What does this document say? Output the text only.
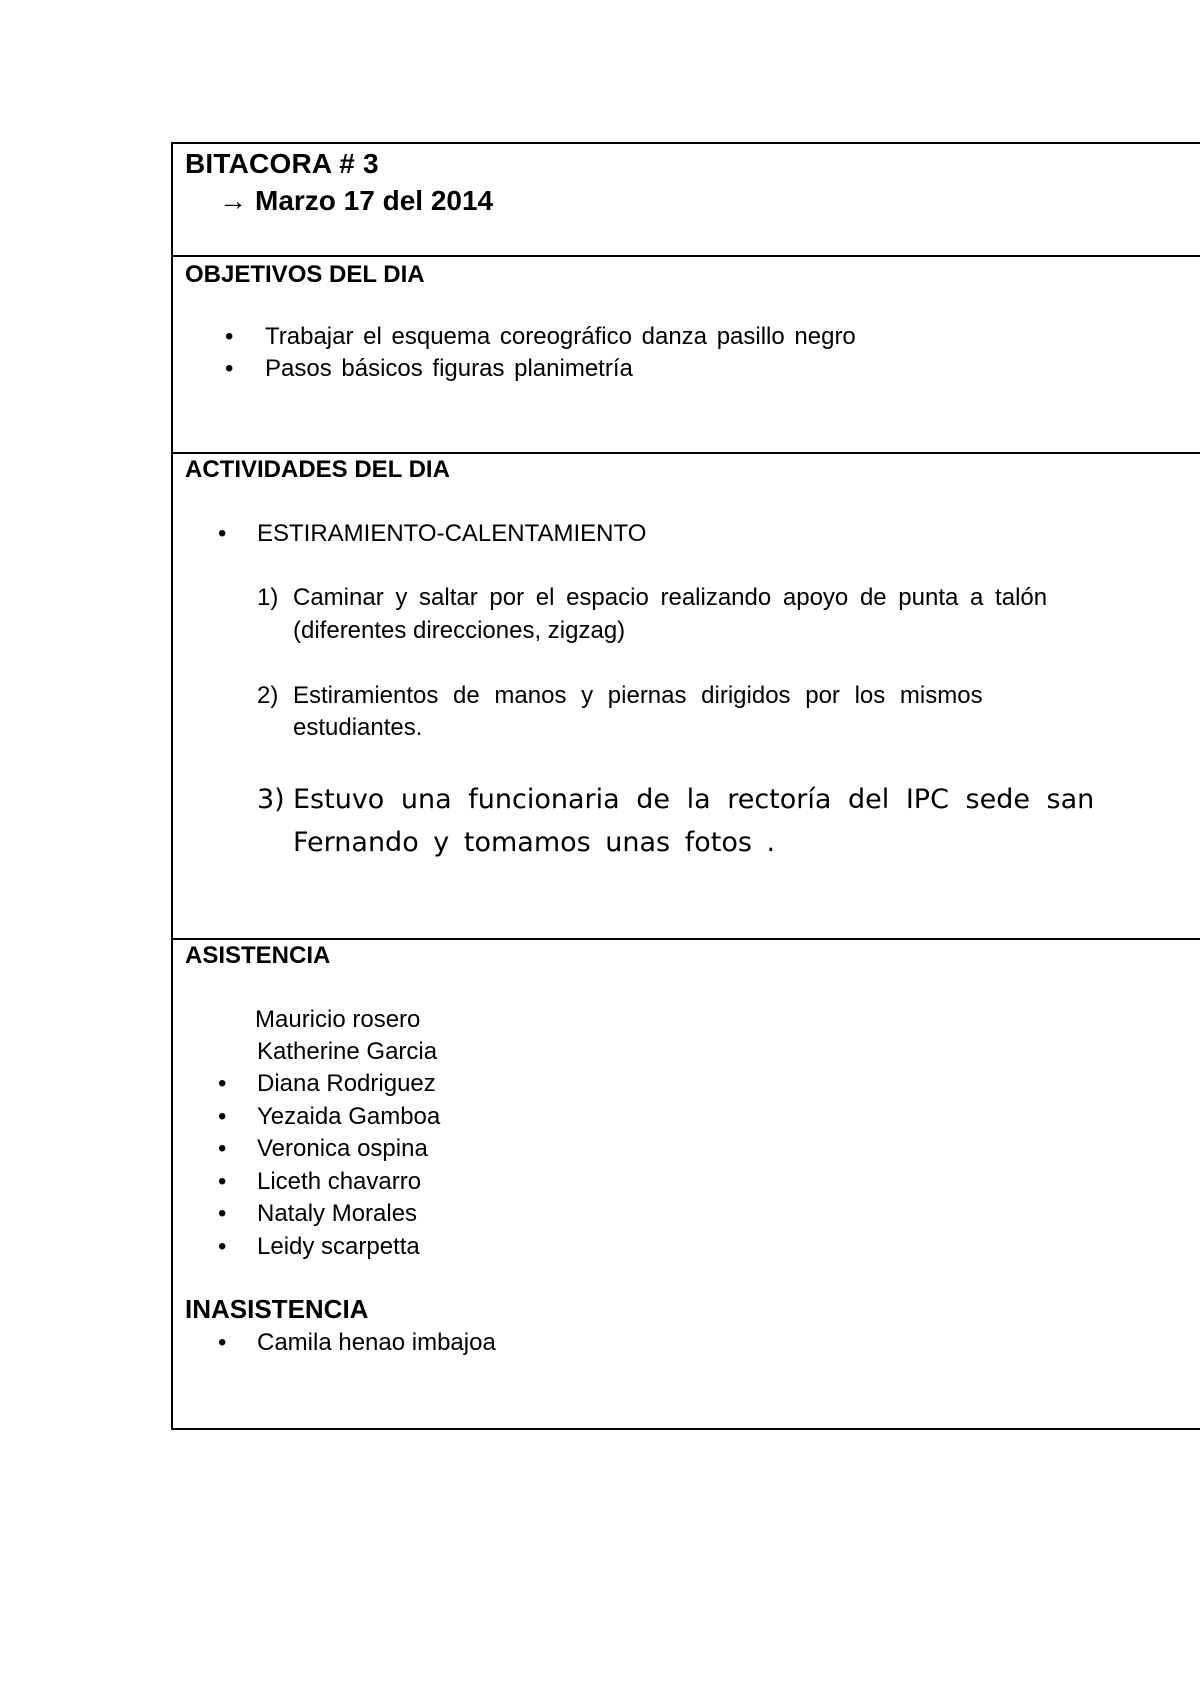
BITACORA # 3
→ Marzo 17 del 2014
OBJETIVOS DEL DIA
• Trabajar el esquema coreográfico danza pasillo negro
• Pasos básicos figuras planimetría
ACTIVIDADES DEL DIA
• ESTIRAMIENTO-CALENTAMIENTO
1) Caminar y saltar por el espacio realizando apoyo de punta a talón
(diferentes direcciones, zigzag)
2) Estiramientos de manos y piernas dirigidos por los mismos
estudiantes.
3) Estuvo una funcionaria de la rectoría del IPC sede san
Fernando y tomamos unas fotos .
ASISTENCIA
Mauricio rosero
Katherine Garcia
• Diana Rodriguez
• Yezaida Gamboa
• Veronica ospina
• Liceth chavarro
• Nataly Morales
• Leidy scarpetta
INASISTENCIA
• Camila henao imbajoa
